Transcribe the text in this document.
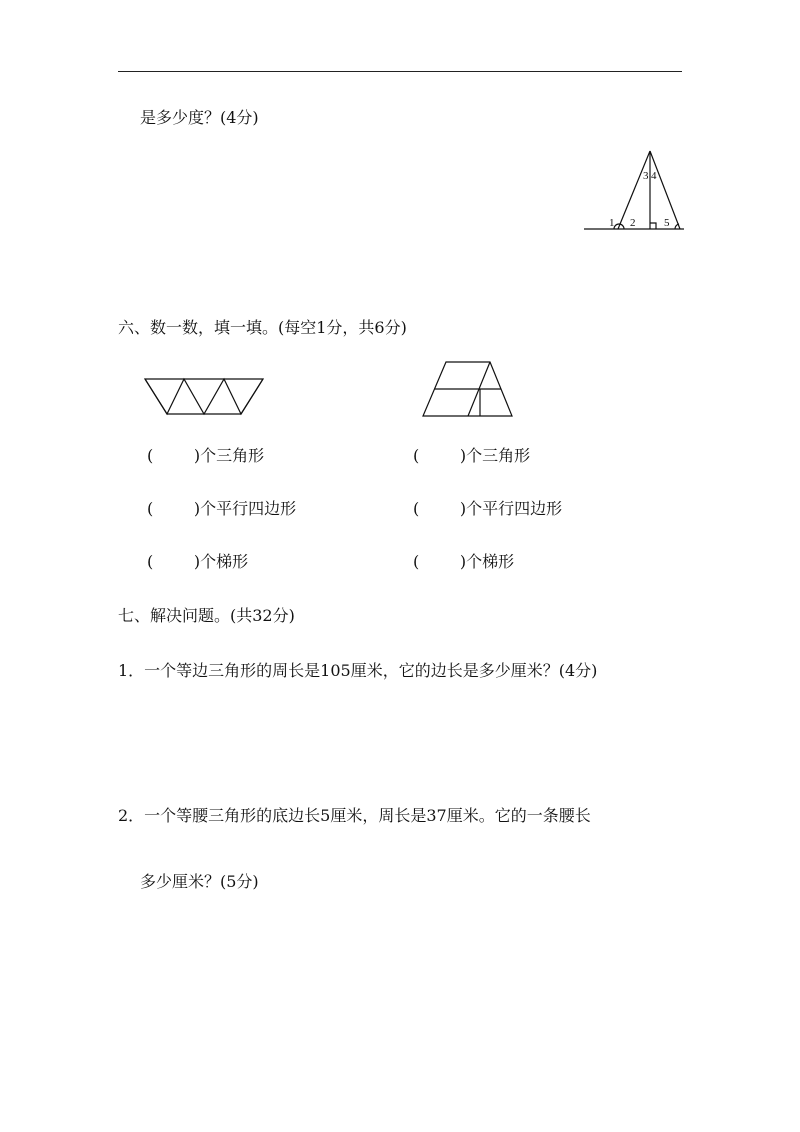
是多少度？(4分)
1 2
3 4
5
六、数一数，填一填。(每空1分，共6分)
(        )个三角形
(        )个平行四边形
(        )个梯形
(        )个三角形
(        )个平行四边形
(        )个梯形
七、解决问题。(共32分)
1．一个等边三角形的周长是105厘米，它的边长是多少厘米？(4分)
2．一个等腰三角形的底边长5厘米，周长是37厘米。它的一条腰长
多少厘米？(5分)
